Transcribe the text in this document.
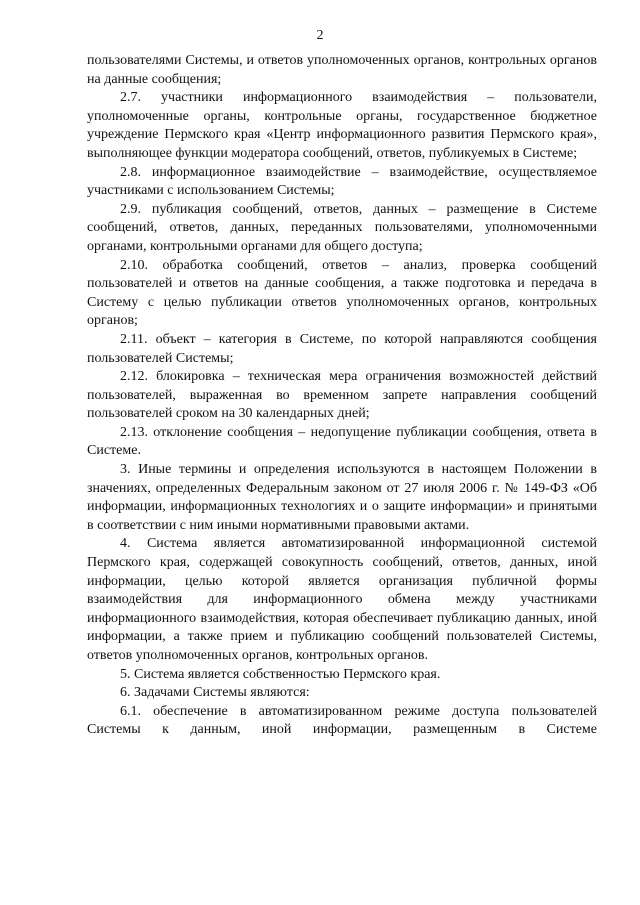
2

пользователями Системы, и ответов уполномоченных органов, контрольных органов на данные сообщения;

2.7. участники информационного взаимодействия – пользователи, уполномоченные органы, контрольные органы, государственное бюджетное учреждение Пермского края «Центр информационного развития Пермского края», выполняющее функции модератора сообщений, ответов, публикуемых в Системе;

2.8. информационное взаимодействие – взаимодействие, осуществляемое участниками с использованием Системы;

2.9. публикация сообщений, ответов, данных – размещение в Системе сообщений, ответов, данных, переданных пользователями, уполномоченными органами, контрольными органами для общего доступа;

2.10. обработка сообщений, ответов – анализ, проверка сообщений пользователей и ответов на данные сообщения, а также подготовка и передача в Систему с целью публикации ответов уполномоченных органов, контрольных органов;

2.11. объект – категория в Системе, по которой направляются сообщения пользователей Системы;

2.12. блокировка – техническая мера ограничения возможностей действий пользователей, выраженная во временном запрете направления сообщений пользователей сроком на 30 календарных дней;

2.13. отклонение сообщения – недопущение публикации сообщения, ответа в Системе.

3. Иные термины и определения используются в настоящем Положении в значениях, определенных Федеральным законом от 27 июля 2006 г. № 149-ФЗ «Об информации, информационных технологиях и о защите информации» и принятыми в соответствии с ним иными нормативными правовыми актами.

4. Система является автоматизированной информационной системой Пермского края, содержащей совокупность сообщений, ответов, данных, иной информации, целью которой является организация публичной формы взаимодействия для информационного обмена между участниками информационного взаимодействия, которая обеспечивает публикацию данных, иной информации, а также прием и публикацию сообщений пользователей Системы, ответов уполномоченных органов, контрольных органов.

5. Система является собственностью Пермского края.

6. Задачами Системы являются:

6.1. обеспечение в автоматизированном режиме доступа пользователей Системы к данным, иной информации, размещенным в Системе
